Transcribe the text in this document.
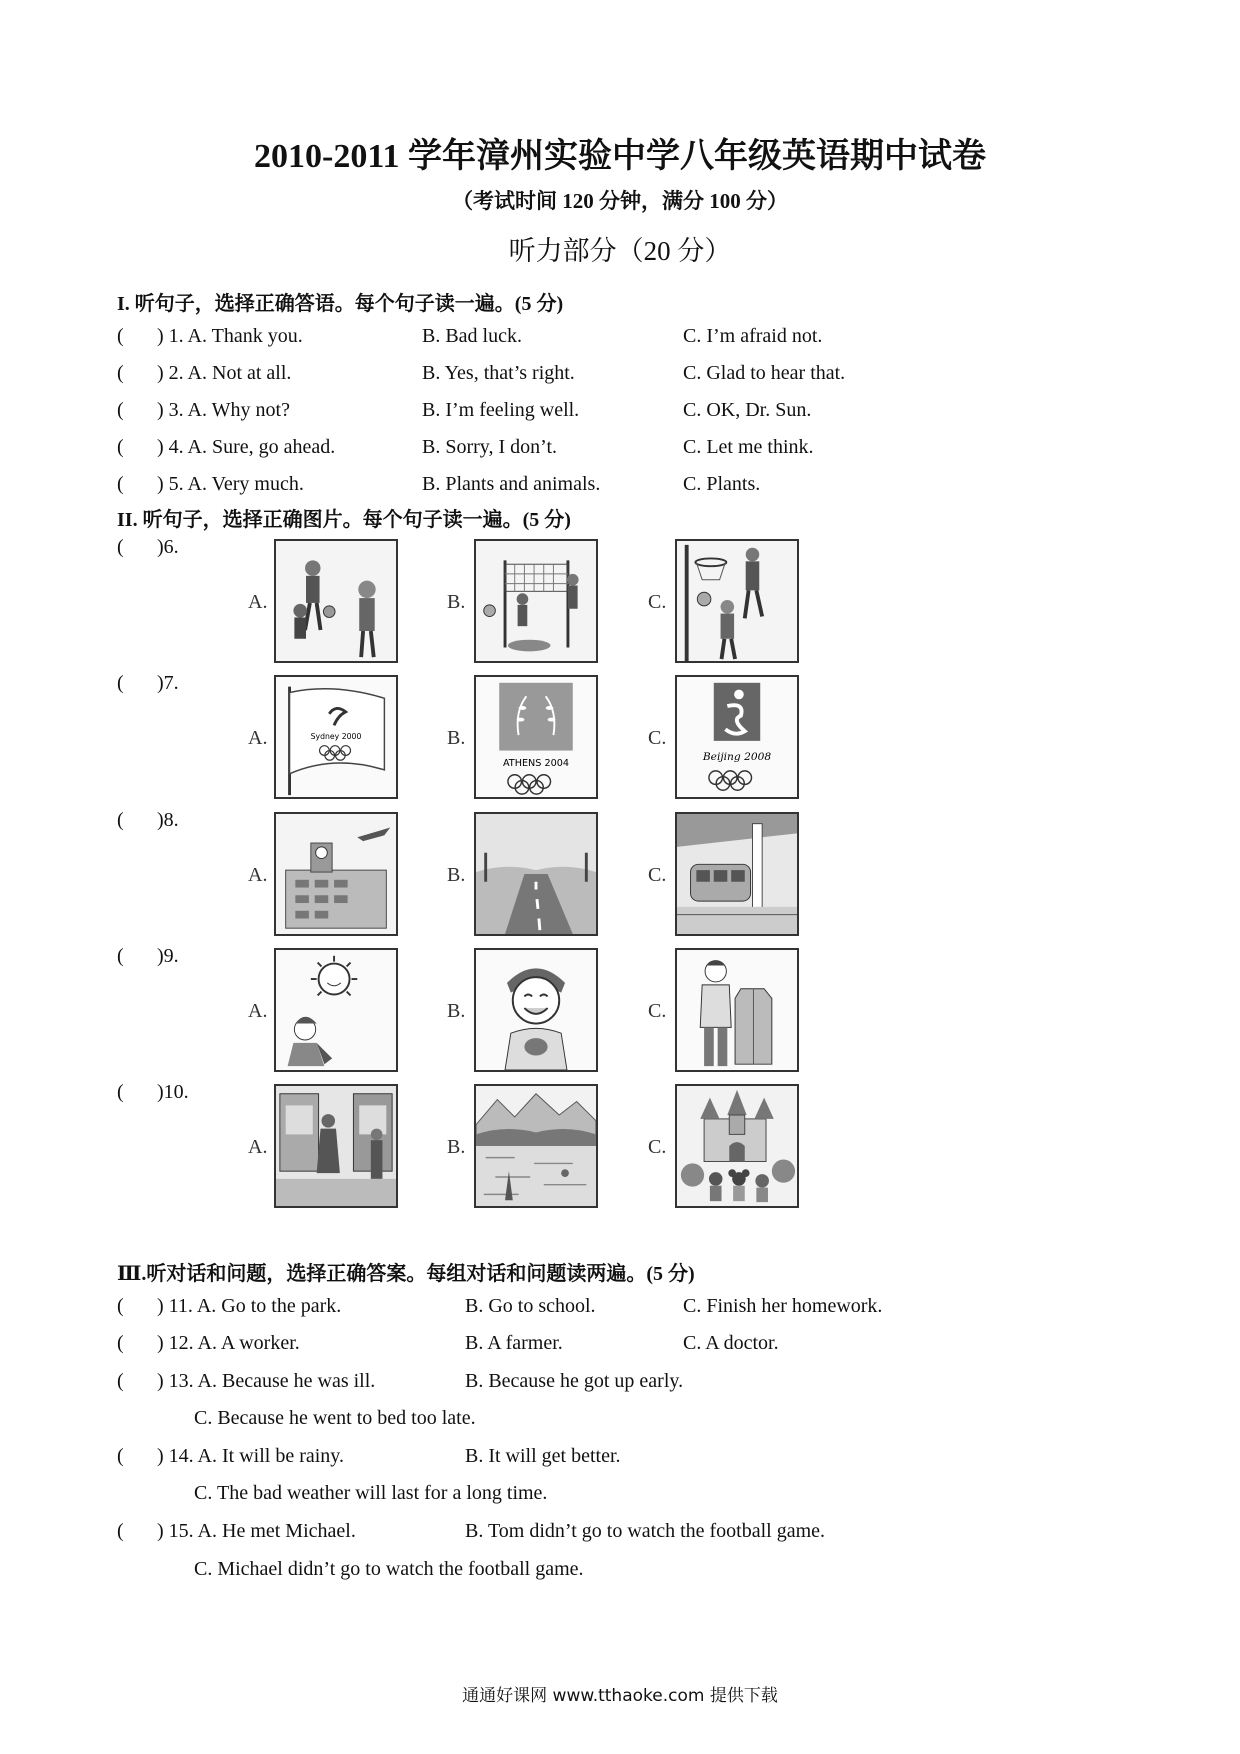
2010-2011 学年漳州实验中学八年级英语期中试卷
（考试时间 120 分钟，满分 100 分）
听力部分（20 分）
I. 听句子，选择正确答语。每个句子读一遍。(5 分)
( ) 1. A. Thank you.	B. Bad luck.	C. I’m afraid not.
( ) 2. A. Not at all.	B. Yes, that’s right.	C. Glad to hear that.
( ) 3. A. Why not?	B. I’m feeling well.	C. OK, Dr. Sun.
( ) 4. A. Sure, go ahead.	B. Sorry, I don’t.	C. Let me think.
( ) 5. A. Very much.	B. Plants and animals.	C. Plants.
II. 听句子，选择正确图片。每个句子读一遍。(5 分)
( )6.
A.	B.	C.
( )7.
A.	B.	C.
Sydney 2000
ATHENS 2004
Beijing 2008
( )8.
A.	B.	C.
( )9.
A.	B.	C.
( )10.
A.	B.	C.
Ⅲ.听对话和问题，选择正确答案。每组对话和问题读两遍。(5 分)
( ) 11. A. Go to the park.	B. Go to school.	C. Finish her homework.
( ) 12. A. A worker.	B. A farmer.	C. A doctor.
( ) 13. A. Because he was ill.	B. Because he got up early.
C. Because he went to bed too late.
( ) 14. A. It will be rainy.	B. It will get better.
C. The bad weather will last for a long time.
( ) 15. A. He met Michael.	B. Tom didn’t go to watch the football game.
C. Michael didn’t go to watch the football game.
通通好课网 www.tthaoke.com 提供下载
